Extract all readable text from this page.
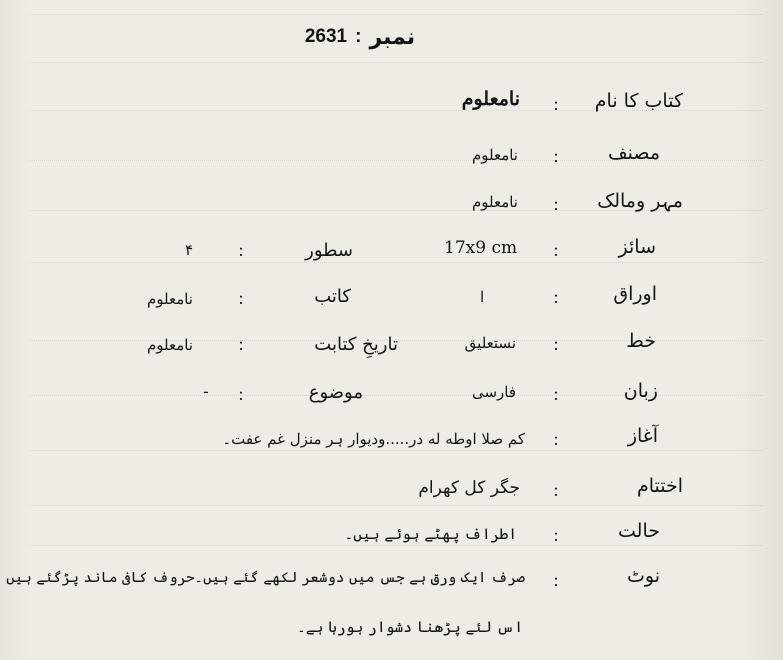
2631 : نمبر
کتاب کا نام
:
نامعلوم
مصنف
:
نامعلوم
مہر ومالک
:
نامعلوم
سائز
:
17x9 cm
سطور
:
۴
اوراق
:
ا
کاتب
:
نامعلوم
خط
:
نستعلیق
تاریخِ کتابت
:
نامعلوم
زبان
:
فارسی
موضوع
:
-
آغاز
:
کم صلا اوطه له در.....ودیوار ہر منزل غم عفت۔
اختتام
:
جگر کل کھرام
حالت
:
اطراف پھٹے ہوئے ہیں۔
نوٹ
:
صرف ایک ورق ہے جس میں دوشعر لکھے گئے ہیں۔حروف کافی ماند پڑگئے ہیں
اس لئے پڑھنا دشوار ہورہا ہے۔
